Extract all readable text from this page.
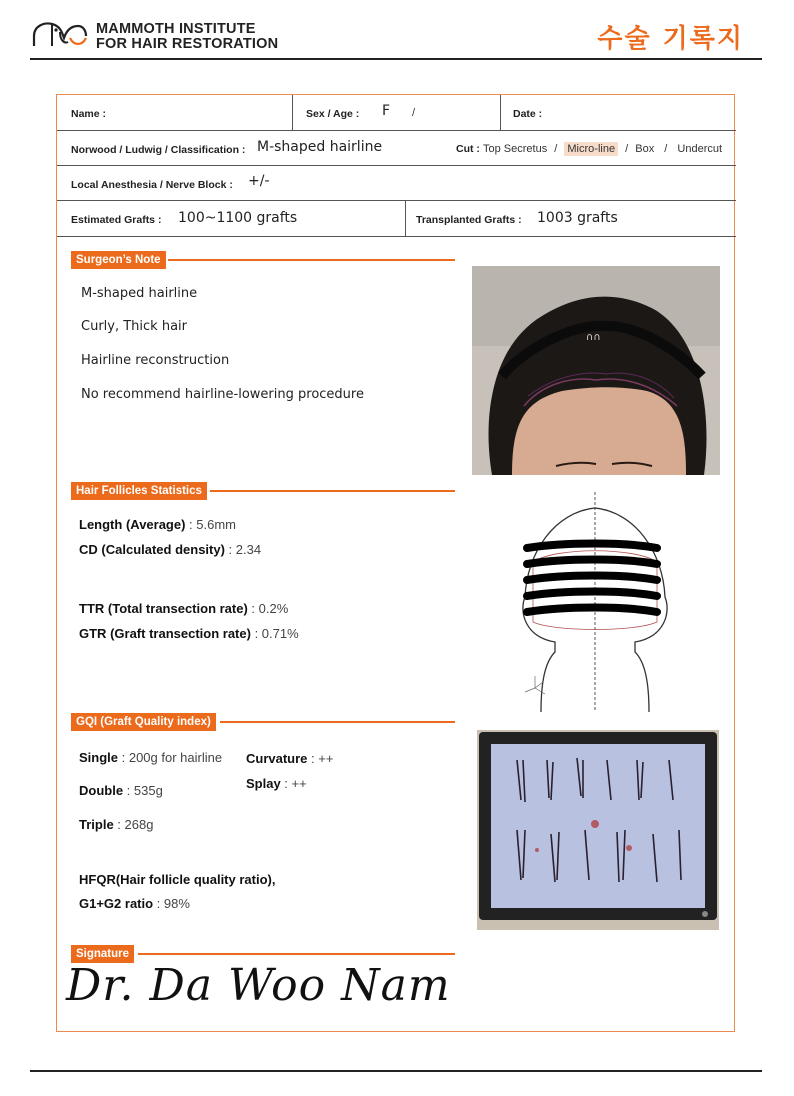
MAMMOTH INSTITUTE
FOR HAIR RESTORATION	수술 기록지
Name :	Sex / Age : F /	Date :
Norwood / Ludwig / Classification : M-shaped hairline	Cut : Top Secretus / Micro-line / Box / Undercut
Local Anesthesia / Nerve Block : +/-
Estimated Grafts : 100~1100 grafts	Transplanted Grafts : 1003 grafts
Surgeon’s Note
M-shaped hairline
Curly, Thick hair
Hairline reconstruction
No recommend hairline-lowering procedure
∩∩
Hair Follicles Statistics
Length (Average) : 5.6mm
CD (Calculated density) : 2.34
TTR (Total transection rate) : 0.2%
GTR (Graft transection rate) : 0.71%
GQI (Graft Quality index)
Single : 200g for hairline
Double : 535g
Triple : 268g
Curvature : ++
Splay : ++
HFQR(Hair follicle quality ratio),
G1+G2 ratio : 98%
Signature
Dr. Da Woo Nam
